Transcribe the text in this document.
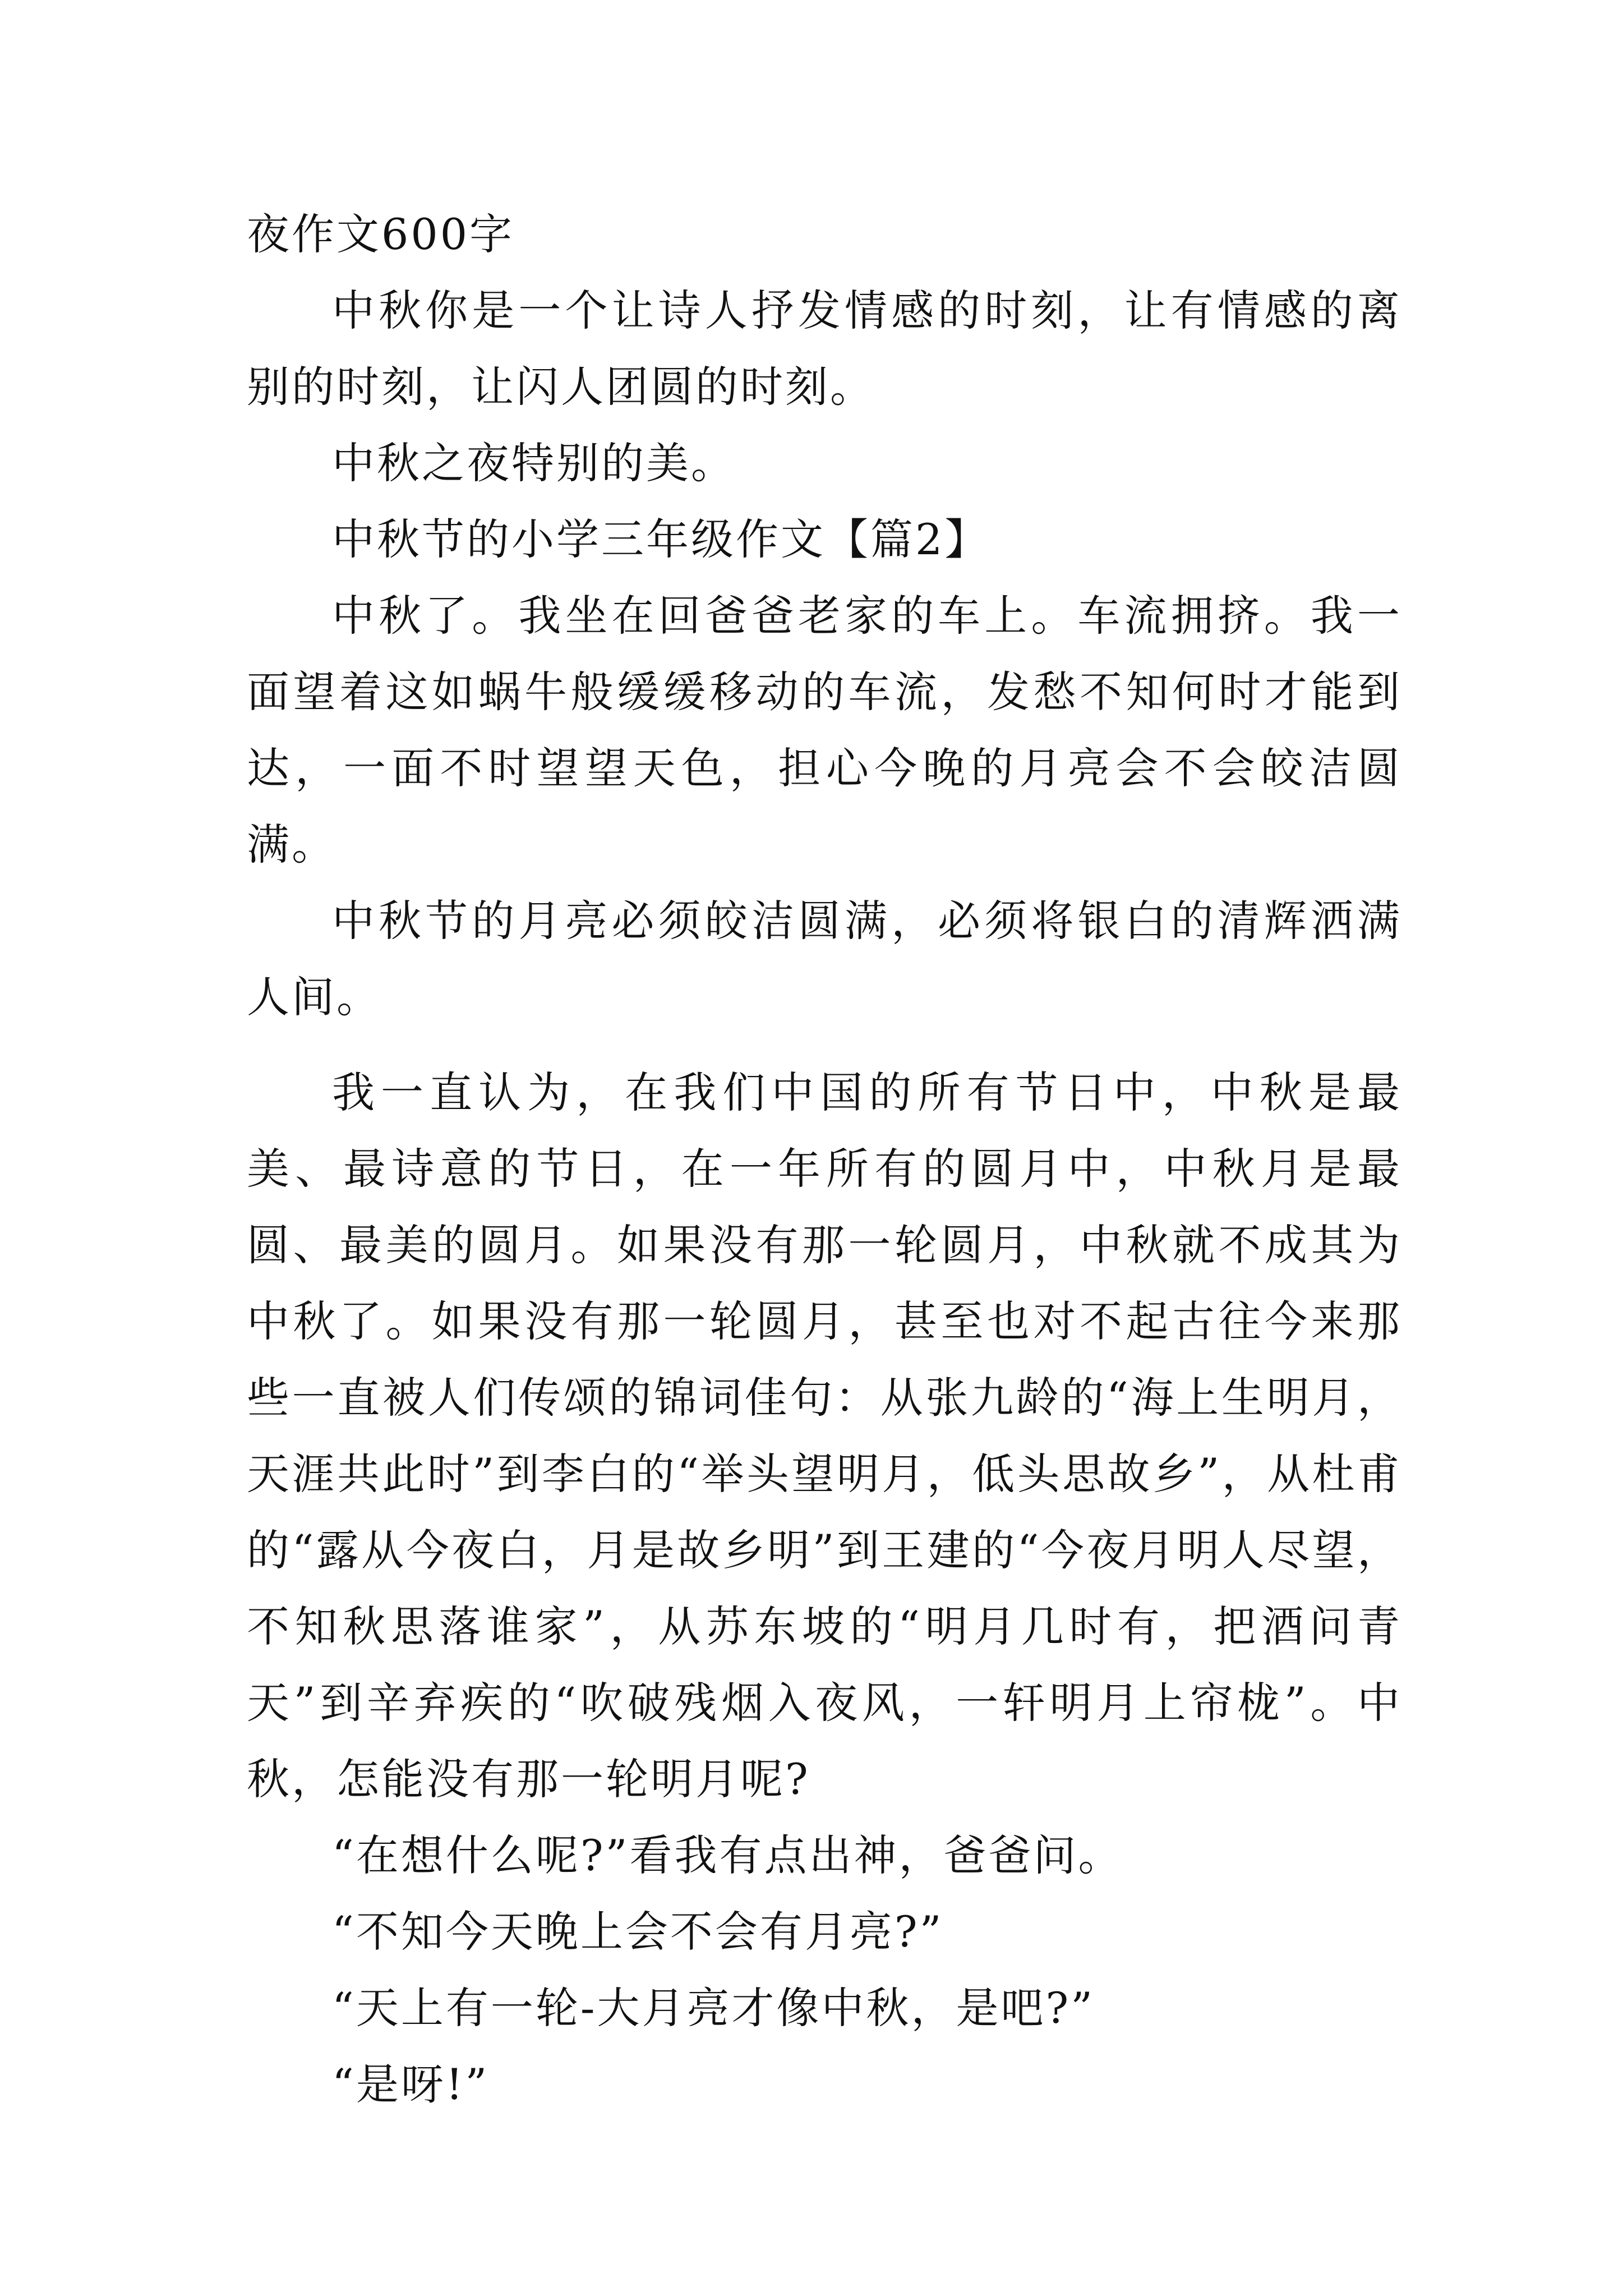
夜作文600字

中秋你是一个让诗人抒发情感的时刻，让有情感的离别的时刻，让闪人团圆的时刻。

中秋之夜特别的美。

中秋节的小学三年级作文【篇2】

中秋了。我坐在回爸爸老家的车上。车流拥挤。我一面望着这如蜗牛般缓缓移动的车流，发愁不知何时才能到达，一面不时望望天色，担心今晚的月亮会不会皎洁圆满。

中秋节的月亮必须皎洁圆满，必须将银白的清辉洒满人间。

我一直认为，在我们中国的所有节日中，中秋是最美、最诗意的节日，在一年所有的圆月中，中秋月是最圆、最美的圆月。如果没有那一轮圆月，中秋就不成其为中秋了。如果没有那一轮圆月，甚至也对不起古往今来那些一直被人们传颂的锦词佳句：从张九龄的“海上生明月，天涯共此时”到李白的“举头望明月，低头思故乡”，从杜甫的“露从今夜白，月是故乡明”到王建的“今夜月明人尽望，不知秋思落谁家”，从苏东坡的“明月几时有，把酒问青天”到辛弃疾的“吹破残烟入夜风，一轩明月上帘栊”。中秋，怎能没有那一轮明月呢?

“在想什么呢?”看我有点出神，爸爸问。

“不知今天晚上会不会有月亮?”

“天上有一轮-大月亮才像中秋，是吧?”

“是呀!”
